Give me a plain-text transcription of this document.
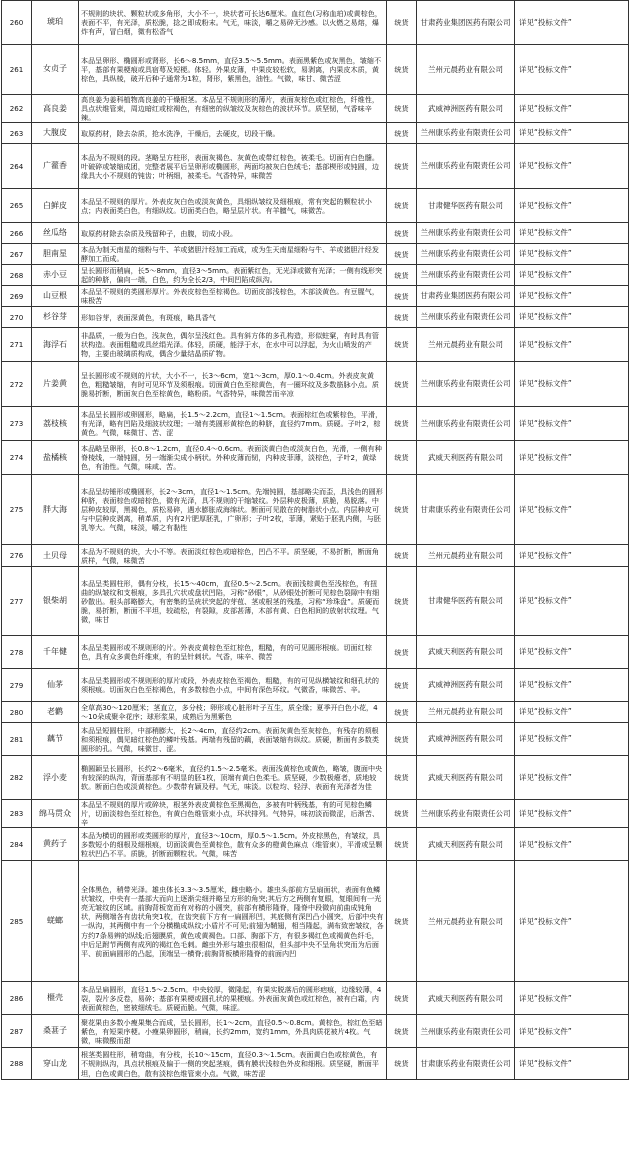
260	琥珀	不规则的块状、颗粒状或多角形，大小不一，块状者可长达6厘米。血红色(习称血珀)或黄棕色，表面不平，有光泽，质松脆，捻之即成粉末。气无，味淡，嚼之易碎无沙感。以火燃之易熔，爆炸有声，冒白烟，微有松香气	统货	甘肃药业集团医药有限公司	详见“投标文件”
261	女贞子	本品呈卵形、椭圆形或肾形，长6～8.5mm，直径3.5～5.5mm。表面黑紫色或灰黑色，皱缩不平，基部有果梗痕或具宿萼及短梗。体轻。外果皮薄，中果皮较松软，易剥离，内果皮木质，黄棕色，具纵棱，破开后种子通常为1粒，肾形，紫黑色，油性。气微，味甘、微苦涩	统货	兰州元晨药业有限公司	详见“投标文件”
262	高良姜	高良姜为姜科植物高良姜的干燥根茎。本品呈不规则形的薄片，表面灰棕色或红棕色，纤维性，具点状维管束，周边暗红或棕褐色，有细密的纵皱纹及灰棕色的波状环节。质坚韧，气香味辛辣。	统货	武威神洲医药有限公司	详见“投标文件”
263	大腹皮	取原药材，除去杂质，抢水洗净，干燥后，去硬皮，切段干燥。	统货	兰州康乐药业有限责任公司	详见“投标文件”
264	广藿香	本品为不规则的段。茎略呈方柱形，表面灰褐色、灰黄色或带红棕色，被柔毛。切面有白色髓。叶破碎或皱缩成团，完整者展平后呈卵形或椭圆形，两面均被灰白色绒毛；基部楔形或钝圆，边缘具大小不规则的钝齿；叶柄细，被柔毛。气香特异，味微苦	统货	兰州康乐药业有限责任公司	详见“投标文件”
265	白鲜皮	本品呈不规则的厚片。外表皮灰白色或淡灰黄色，具细纵皱纹及细根痕，常有突起的颗粒状小点；内表面类白色，有细纵纹。切面类白色，略呈层片状。有羊膻气，味微苦。	统货	甘肃健华医药有限公司	详见“投标文件”
266	丝瓜络	取原药材除去杂质及残留种子，由腹，切成小段。	统货	兰州康乐药业有限责任公司	详见“投标文件”
267	胆南星	本品为制天南星的细粉与牛、羊或猪胆汁经加工而成，或为生天南星细粉与牛、羊或猪胆汁经发酵加工而成。	统货	兰州康乐药业有限责任公司	详见“投标文件”
268	赤小豆	呈长圆形而稍扁，长5～8mm，直径3～5mm。表面紫红色，无光泽或微有光泽；一侧有线形突起的种脐，偏向一端，白色，约为全长2/3，中间凹陷成纵沟。	统货	兰州康乐药业有限责任公司	详见“投标文件”
269	山豆根	本品呈不规则的类圆形厚片。外表皮棕色至棕褐色。切面皮部浅棕色，木部淡黄色。有豆腥气，味极苦	统货	甘肃药业集团医药有限公司	详见“投标文件”
270	杉谷芽	形如谷芽，表面深黄色，有斑痕，略具香气	统货	兰州康乐药业有限责任公司	详见“投标文件”
271	海浮石	非晶质，一般为白色，浅灰色，偶尔呈浅红色。具有斜方体的多孔构造，形似蛀窠，有时具有管状构造。表面粗糙或具丝绢光泽。体轻，质硬，能浮于水，在水中可以浮起，为火山喷发的产物，主要由玻璃质构成，偶含少量结晶质矿物。	统货	兰州元晨药业有限公司	详见“投标文件”
272	片姜黄	呈长圆形或不规则的片状，大小不一，长3～6cm，宽1～3cm，厚0.1～0.4cm。外表皮灰黄色，粗糙皱缩，有时可见环节及须根痕。切面黄白色至棕黄色，有一圈环纹及多数筋脉小点。质脆易折断，断面灰白色至棕黄色，略粉质。气香特异，味微苦而辛凉	统货	兰州康乐药业有限责任公司	详见“投标文件”
273	荔枝核	本品呈长圆形或卵圆形，略扁，长1.5～2.2cm，直径1～1.5cm。表面棕红色或紫棕色，平滑，有光泽，略有凹陷及细波状纹理；一端有类圆形黄棕色的种脐，直径约7mm。质硬。子叶2，棕黄色。气微，味微甘、苦、涩	统货	兰州康乐药业有限责任公司	详见“投标文件”
274	盐橘核	本品略呈卵形，长0.8～1.2cm，直径0.4～0.6cm。表面淡黄白色或淡灰白色，光滑，一侧有种脊棱线，一端钝圆，另一端渐尖成小柄状。外种皮薄而韧，内种皮菲薄，淡棕色，子叶2，黄绿色，有油性。气微，味咸、苦。	统货	武威天利医药有限公司	详见“投标文件”
275	胖大海	本品呈纺锤形或椭圆形，长2～3cm，直径1～1.5cm。先端钝圆，基部略尖而歪，具浅色的圆形种脐，表面棕色或暗棕色，微有光泽，具不规则的干缩皱纹。外层种皮极薄，质脆，易脱落。中层种皮较厚，黑褐色，质松易碎，遇水膨胀成海绵状。断面可见散在的树脂状小点。内层种皮可与中层种皮剥离，稍革质，内有2片肥厚胚乳，广卵形；子叶2枚，菲薄，紧贴于胚乳内侧，与胚乳等大。气微，味淡，嚼之有黏性	统货	甘肃康乐药业有限责任公司	详见“投标文件”
276	土贝母	本品为不规则的块，大小不等。表面淡红棕色或暗棕色，凹凸不平。质坚硬，不易折断，断面角质样，气微，味微苦	统货	兰州元晨药业有限公司	详见“投标文件”
277	银柴胡	本品呈类圆柱形，偶有分枝，长15～40cm，直径0.5～2.5cm。表面浅棕黄色至浅棕色，有扭曲的纵皱纹和支根痕，多具孔穴状或盘状凹陷，习称“砂眼”，从砂眼处折断可见棕色裂隙中有细砂散出。根头部略膨大，有密集的呈疣状突起的芽苞、茎或根茎的残基，习称“珍珠盘”。质硬而脆，易折断，断面不平坦，较疏松，有裂隙，皮部甚薄，木部有黄、白色相间的放射状纹理。气微，味甘	统货	甘肃健华医药有限公司	详见“投标文件”
278	千年健	本品呈类圆形或不规则形的片。外表皮黄棕色至红棕色，粗糙，有的可见圆形根痕。切面红棕色，具有众多黄色纤维束，有的呈针刺状。气香，味辛、微苦	统货	武威天利医药有限公司	详见“投标文件”
279	仙茅	本品呈类圆形或不规则形的厚片或段，外表皮棕色至褐色，粗糙，有的可见纵横皱纹和细孔状的须根痕。切面灰白色至棕褐色，有多数棕色小点，中间有深色环纹。气微香，味微苦、辛。	统货	武威神洲医药有限公司	详见“投标文件”
280	老鹳	全草高30～120厘米；茎直立，多分枝；卵形或心脏形叶子互生，质全缘；夏季开白色小花，4～10朵成聚伞花序；球形浆果，成熟后为黑紫色	统货	兰州元晨药业有限公司	详见“投标文件”
281	藕节	本品呈短圆柱形，中部稍膨大，长2～4cm，直径约2cm。表面灰黄色至灰棕色，有残存的须根和须根痕，偶见暗红棕色的鳞叶残基。两端有残留的藕，表面皱缩有纵纹。质硬，断面有多数类圆形的孔。气微，味微甘、涩。	统货	武威神洲医药有限公司	详见“投标文件”
282	浮小麦	椭圆颖呈长圆形，长约2～6毫米，直径约1.5～2.5毫米。表面浅黄棕色或黄色，略皱，腹面中央有较深的纵沟，背面基部有不明显的胚1枚，顶端有黄白色柔毛。质坚硬，少数极瘪者，质地较软。断面白色或淡黄棕色。少数带有颖及稃。气无，味淡。以粒均、轻浮、表面有光泽者为佳	统货	武威天利医药有限公司	详见“投标文件”
283	绵马贯众	本品呈不规则的厚片或碎块，根茎外表皮黄棕色至黑褐色，多被有叶柄残基，有的可见棕色鳞片，切面淡棕色至红棕色，有黄白色维管束小点，环状排列。气特异，味初淡而微涩，后渐苦、辛	统货	兰州康乐药业有限责任公司	详见“投标文件”
284	黄药子	本品为横切的圆形或类圆形的厚片，直径3～10cm，厚0.5～1.5cm。外皮棕黑色，有皱纹，具多数短小的细根及细根痕，切面淡黄色至黄棕色，散有众多的橙黄色麻点（维管束），平滑或呈颗粒状凹凸不平。质脆，折断面颗粒状。气微，味苦	统货	武威天利医药有限公司	详见“投标文件”
285	蜣螂	全体黑色，稍带光泽。雄虫体长3.3～3.5厘米，雌虫略小。雄虫头部前方呈扇面状，表面有鱼鳞状皱纹，中央有一基部大而向上逐渐尖细并略呈方形的角突;其后方之两侧有复眼，复眼间有一光亮无皱纹的区域。前胸背板宽而有对称的小圆突，前部有横形隆脊，隆脊中段微向前曲成钝角状，两侧端各有齿状角突1枚，在齿突前下方有一扁圆形凹，其底侧有深凹凸小圆突，后部中央有一纵沟，其两侧中有一个分横椭成纵纹;小盾片不可见;前翅为鞘翅，相当隆起，满布致密皱纹，各方约7条易辨的纵线;后翅膜质，黄色或黄褐色。口部、胸部下方，有很多褐红色或褐黄色纤毛，中后足跗节两侧有成列的褐红色毛刺。雌虫外形与雄虫很相似，但头部中央不呈角状突而为后面平、前面扁圆形的凸起，顶端呈一横脊;前胸背板横形隆脊的前面内凹	统货	兰州元晨药业有限公司	详见“投标文件”
286	榧壳	本品呈扁圆形，直径1.5～2.5cm。中央较厚，微隆起，有果实脱落后的圆形疤痕，边缘较薄，4裂，裂片多反卷，易碎；基部有果梗或圆孔状的果梗痕。外表面灰黄色或红棕色，被有白霜，内表面黄棕色，密被细绒毛。质硬而脆。气微，味涩。	统货	武威天利医药有限公司	详见“投标文件”
287	桑葚子	聚花果由多数小瘦果集合而成，呈长圆形，长1～2cm，直径0.5～0.8cm。黄棕色，棕红色至暗紫色，有短果序梗。小瘦果卵圆形，稍扁，长约2mm，宽约1mm，外具肉质花被片4枚。气微，味微酸而甜	统货	兰州康乐药业有限责任公司	详见“投标文件”
288	穿山龙	根茎类圆柱形，稍弯曲，有分枝，长10～15cm，直径0.3～1.5cm。表面黄白色或棕黄色，有不规则纵沟，具点状根痕及偏于一侧的突起茎痕，偶有膜状浅棕色外皮和细根。质坚硬，断面平坦，白色或黄白色，散有淡棕色维管束小点。气微，味苦涩	统货	甘肃康乐药业有限责任公司	详见“投标文件”
